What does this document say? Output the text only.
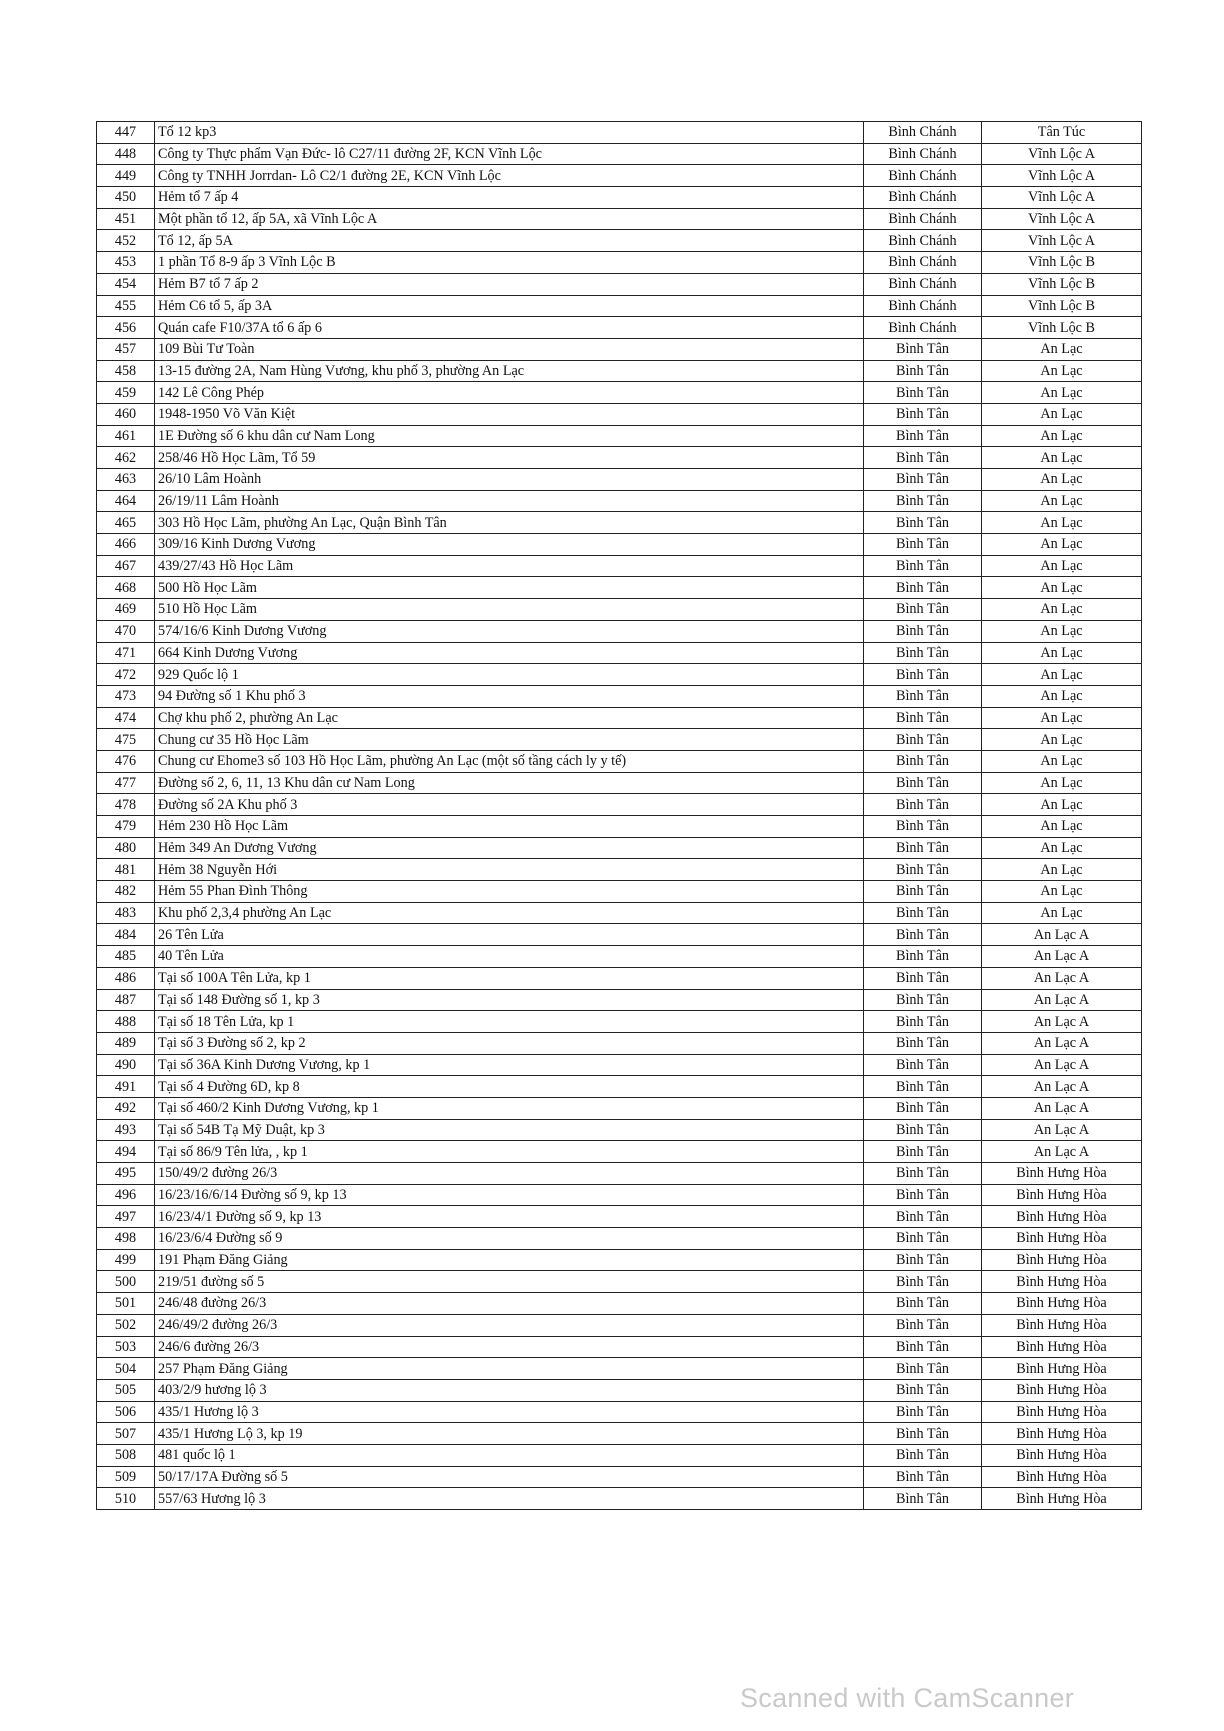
447	Tổ 12 kp3	Bình Chánh	Tân Túc
448	Công ty Thực phẩm Vạn Đức- lô C27/11 đường 2F, KCN Vĩnh Lộc	Bình Chánh	Vĩnh Lộc A
449	Công ty TNHH Jorrdan- Lô C2/1 đường 2E, KCN Vĩnh Lộc	Bình Chánh	Vĩnh Lộc A
450	Hẻm tổ 7 ấp 4	Bình Chánh	Vĩnh Lộc A
451	Một phần tổ 12, ấp 5A, xã Vĩnh Lộc A	Bình Chánh	Vĩnh Lộc A
452	Tổ 12, ấp 5A	Bình Chánh	Vĩnh Lộc A
453	1 phần Tổ 8-9 ấp 3 Vĩnh Lộc B	Bình Chánh	Vĩnh Lộc B
454	Hẻm B7 tổ 7 ấp 2	Bình Chánh	Vĩnh Lộc B
455	Hẻm C6 tổ 5, ấp 3A	Bình Chánh	Vĩnh Lộc B
456	Quán cafe F10/37A tổ 6 ấp 6	Bình Chánh	Vĩnh Lộc B
457	109 Bùi Tư Toàn	Bình Tân	An Lạc
458	13-15 đường 2A, Nam Hùng Vương, khu phố 3, phường An Lạc	Bình Tân	An Lạc
459	142 Lê Công Phép	Bình Tân	An Lạc
460	1948-1950 Võ Văn Kiệt	Bình Tân	An Lạc
461	1E Đường số 6 khu dân cư Nam Long	Bình Tân	An Lạc
462	258/46 Hồ Học Lãm, Tổ 59	Bình Tân	An Lạc
463	26/10 Lâm Hoành	Bình Tân	An Lạc
464	26/19/11 Lâm Hoành	Bình Tân	An Lạc
465	303 Hồ Học Lãm, phường An Lạc, Quận Bình Tân	Bình Tân	An Lạc
466	309/16 Kinh Dương Vương	Bình Tân	An Lạc
467	439/27/43 Hồ Học Lãm	Bình Tân	An Lạc
468	500 Hồ Học Lãm	Bình Tân	An Lạc
469	510 Hồ Học Lãm	Bình Tân	An Lạc
470	574/16/6 Kinh Dương Vương	Bình Tân	An Lạc
471	664 Kinh Dương Vương	Bình Tân	An Lạc
472	929 Quốc lộ 1	Bình Tân	An Lạc
473	94 Đường số 1 Khu phố 3	Bình Tân	An Lạc
474	Chợ khu phố 2, phường An Lạc	Bình Tân	An Lạc
475	Chung cư 35 Hồ Học Lãm	Bình Tân	An Lạc
476	Chung cư Ehome3 số 103 Hồ Học Lãm, phường An Lạc (một số tầng cách ly y tế)	Bình Tân	An Lạc
477	Đường số 2, 6, 11, 13 Khu dân cư Nam Long	Bình Tân	An Lạc
478	Đường số 2A Khu phố 3	Bình Tân	An Lạc
479	Hẻm 230 Hồ Học Lãm	Bình Tân	An Lạc
480	Hẻm 349 An Dương Vương	Bình Tân	An Lạc
481	Hẻm 38 Nguyễn Hới	Bình Tân	An Lạc
482	Hẻm 55 Phan Đình Thông	Bình Tân	An Lạc
483	Khu phố 2,3,4 phường An Lạc	Bình Tân	An Lạc
484	26 Tên Lửa	Bình Tân	An Lạc A
485	40 Tên Lửa	Bình Tân	An Lạc A
486	Tại số 100A Tên Lửa, kp 1	Bình Tân	An Lạc A
487	Tại số 148 Đường số 1, kp 3	Bình Tân	An Lạc A
488	Tại số 18 Tên Lửa, kp 1	Bình Tân	An Lạc A
489	Tại số 3 Đường số 2, kp 2	Bình Tân	An Lạc A
490	Tại số 36A Kinh Dương Vương, kp 1	Bình Tân	An Lạc A
491	Tại số 4 Đường 6D, kp 8	Bình Tân	An Lạc A
492	Tại số 460/2 Kinh Dương Vương, kp 1	Bình Tân	An Lạc A
493	Tại số 54B Tạ Mỹ Duật, kp 3	Bình Tân	An Lạc A
494	Tại số 86/9 Tên lửa, , kp 1	Bình Tân	An Lạc A
495	150/49/2 đường 26/3	Bình Tân	Bình Hưng Hòa
496	16/23/16/6/14 Đường số 9, kp 13	Bình Tân	Bình Hưng Hòa
497	16/23/4/1 Đường số 9, kp 13	Bình Tân	Bình Hưng Hòa
498	16/23/6/4 Đường số 9	Bình Tân	Bình Hưng Hòa
499	191 Phạm Đăng Giảng	Bình Tân	Bình Hưng Hòa
500	219/51 đường số 5	Bình Tân	Bình Hưng Hòa
501	246/48 đường 26/3	Bình Tân	Bình Hưng Hòa
502	246/49/2 đường 26/3	Bình Tân	Bình Hưng Hòa
503	246/6 đường 26/3	Bình Tân	Bình Hưng Hòa
504	257 Phạm Đăng Giảng	Bình Tân	Bình Hưng Hòa
505	403/2/9 hương lộ 3	Bình Tân	Bình Hưng Hòa
506	435/1 Hương lộ 3	Bình Tân	Bình Hưng Hòa
507	435/1 Hương Lộ 3, kp 19	Bình Tân	Bình Hưng Hòa
508	481 quốc lộ 1	Bình Tân	Bình Hưng Hòa
509	50/17/17A Đường số 5	Bình Tân	Bình Hưng Hòa
510	557/63 Hương lộ 3	Bình Tân	Bình Hưng Hòa
Scanned with CamScanner
